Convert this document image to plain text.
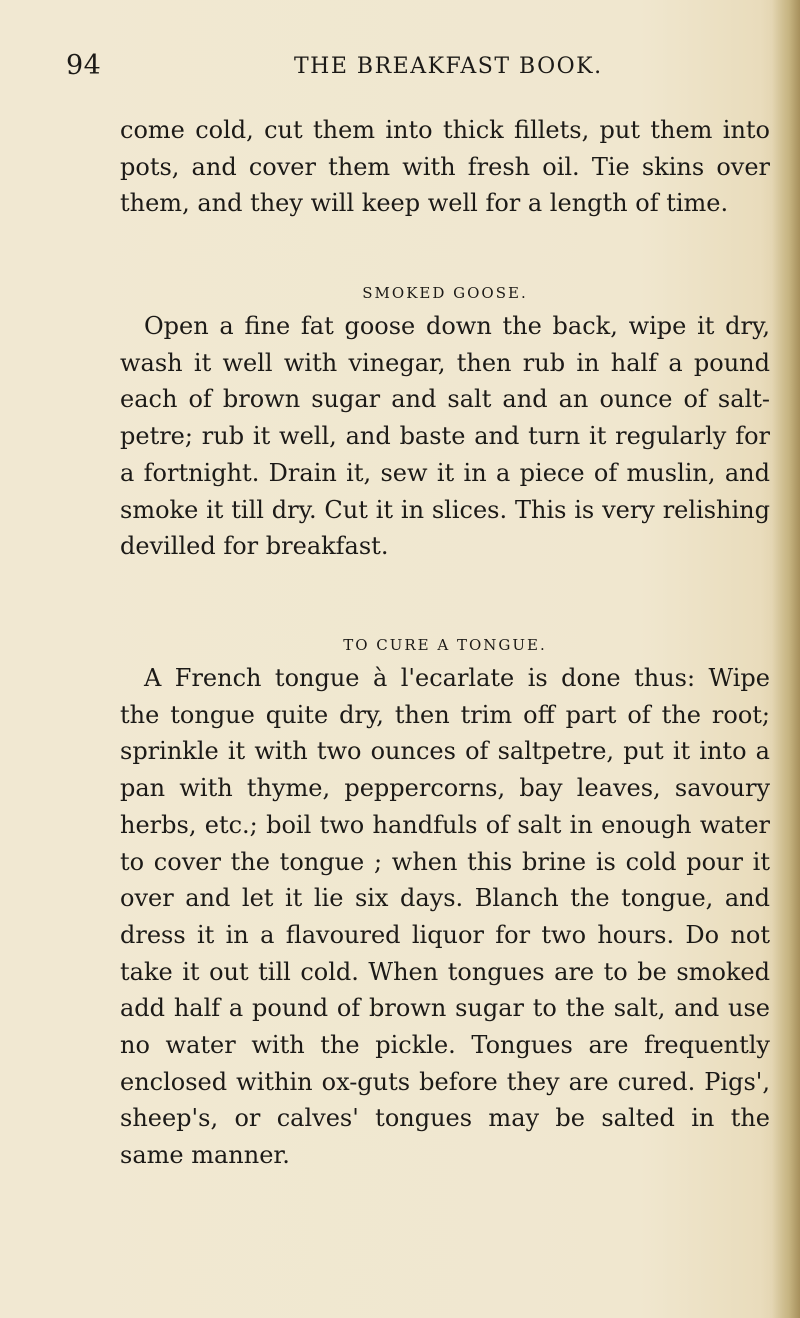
94	THE BREAKFAST BOOK.

come cold, cut them into thick fillets, put them into pots, and cover them with fresh oil. Tie skins over them, and they will keep well for a length of time.

SMOKED GOOSE.

Open a fine fat goose down the back, wipe it dry, wash it well with vinegar, then rub in half a pound each of brown sugar and salt and an ounce of salt-petre; rub it well, and baste and turn it regularly for a fortnight. Drain it, sew it in a piece of muslin, and smoke it till dry. Cut it in slices. This is very relishing devilled for breakfast.

TO CURE A TONGUE.

A French tongue à l'ecarlate is done thus: Wipe the tongue quite dry, then trim off part of the root; sprinkle it with two ounces of saltpetre, put it into a pan with thyme, peppercorns, bay leaves, savoury herbs, etc.; boil two handfuls of salt in enough water to cover the tongue ; when this brine is cold pour it over and let it lie six days. Blanch the tongue, and dress it in a flavoured liquor for two hours. Do not take it out till cold. When tongues are to be smoked add half a pound of brown sugar to the salt, and use no water with the pickle. Tongues are frequently enclosed within ox-guts before they are cured. Pigs', sheep's, or calves' tongues may be salted in the same manner.
